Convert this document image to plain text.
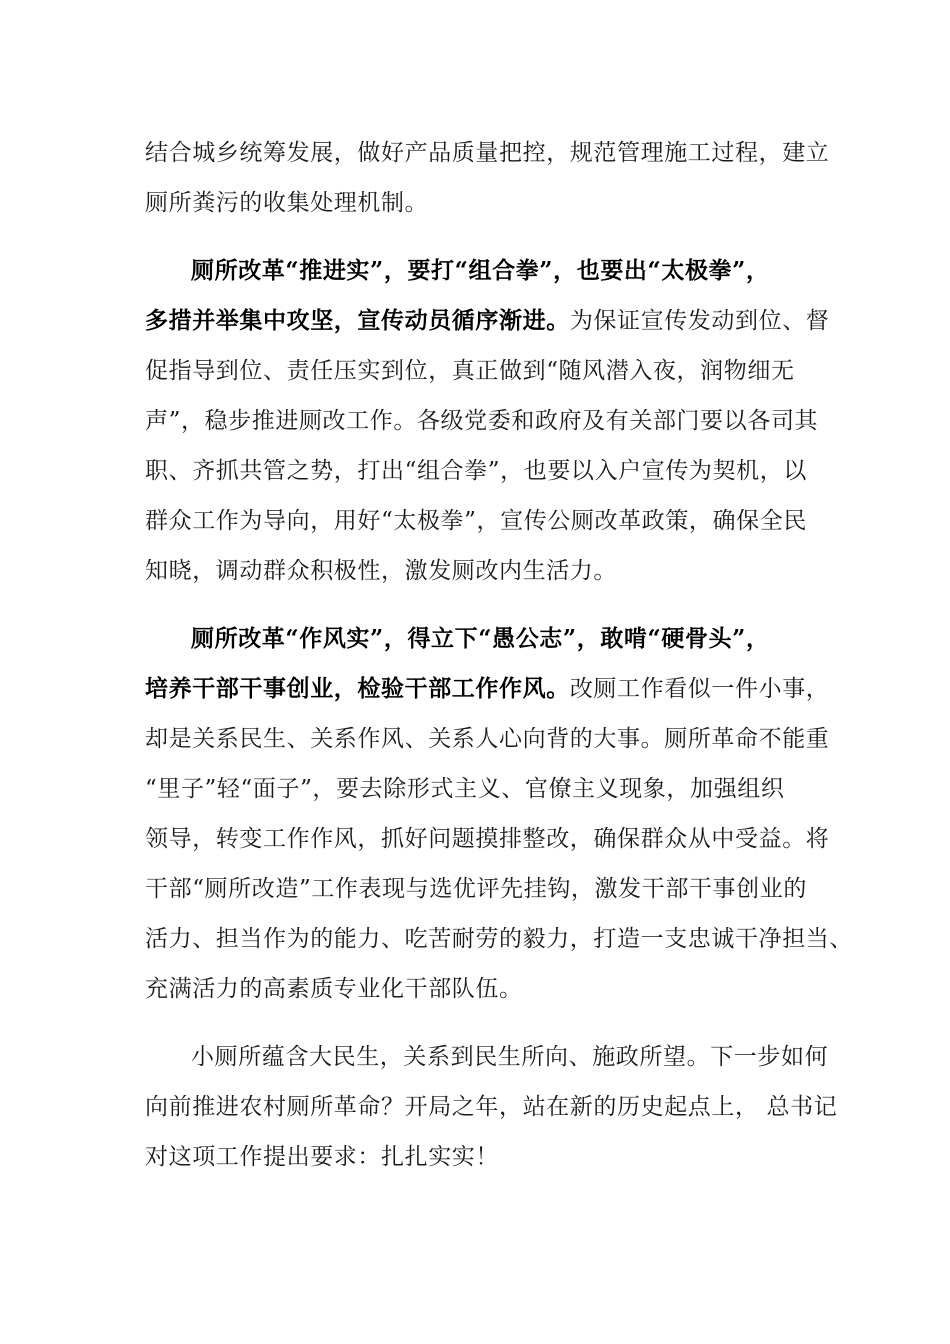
结合城乡统筹发展，做好产品质量把控，规范管理施工过程，建立
厕所粪污的收集处理机制。
厕所改革“推进实”，要打“组合拳”，也要出“太极拳”，
多措并举集中攻坚，宣传动员循序渐进。为保证宣传发动到位、督
促指导到位、责任压实到位，真正做到“随风潜入夜，润物细无
声”，稳步推进厕改工作。各级党委和政府及有关部门要以各司其
职、齐抓共管之势，打出“组合拳”，也要以入户宣传为契机，以
群众工作为导向，用好“太极拳”，宣传公厕改革政策，确保全民
知晓，调动群众积极性，激发厕改内生活力。
厕所改革“作风实”，得立下“愚公志”，敢啃“硬骨头”，
培养干部干事创业，检验干部工作作风。改厕工作看似一件小事，
却是关系民生、关系作风、关系人心向背的大事。厕所革命不能重
“里子”轻“面子”，要去除形式主义、官僚主义现象，加强组织
领导，转变工作作风，抓好问题摸排整改，确保群众从中受益。将
干部“厕所改造”工作表现与选优评先挂钩，激发干部干事创业的
活力、担当作为的能力、吃苦耐劳的毅力，打造一支忠诚干净担当、
充满活力的高素质专业化干部队伍。
小厕所蕴含大民生，关系到民生所向、施政所望。下一步如何
向前推进农村厕所革命？开局之年，站在新的历史起点上， 总书记
对这项工作提出要求：扎扎实实！
